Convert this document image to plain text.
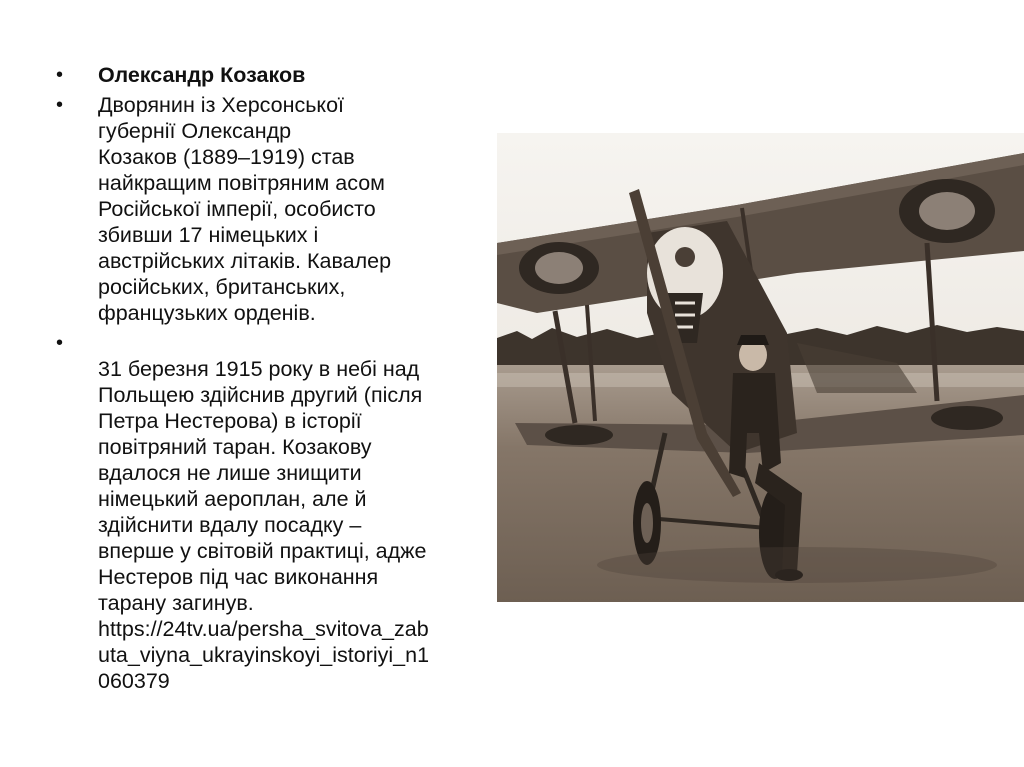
•	Олександр Козаков
•	Дворянин із Херсонської
губернії Олександр
Козаков (1889–1919) став
найкращим повітряним асом
Російської імперії, особисто
збивши 17 німецьких і
австрійських літаків. Кавалер
російських, британських,
французьких орденів.
•
31 березня 1915 року в небі над
Польщею здійснив другий (після
Петра Нестерова) в історії
повітряний таран. Козакову
вдалося не лише знищити
німецький аероплан, але й
здійснити вдалу посадку –
вперше у світовій практиці, адже
Нестеров під час виконання
тарану загинув.
https://24tv.ua/persha_svitova_zab
uta_viyna_ukrayinskoyi_istoriyi_n1
060379
